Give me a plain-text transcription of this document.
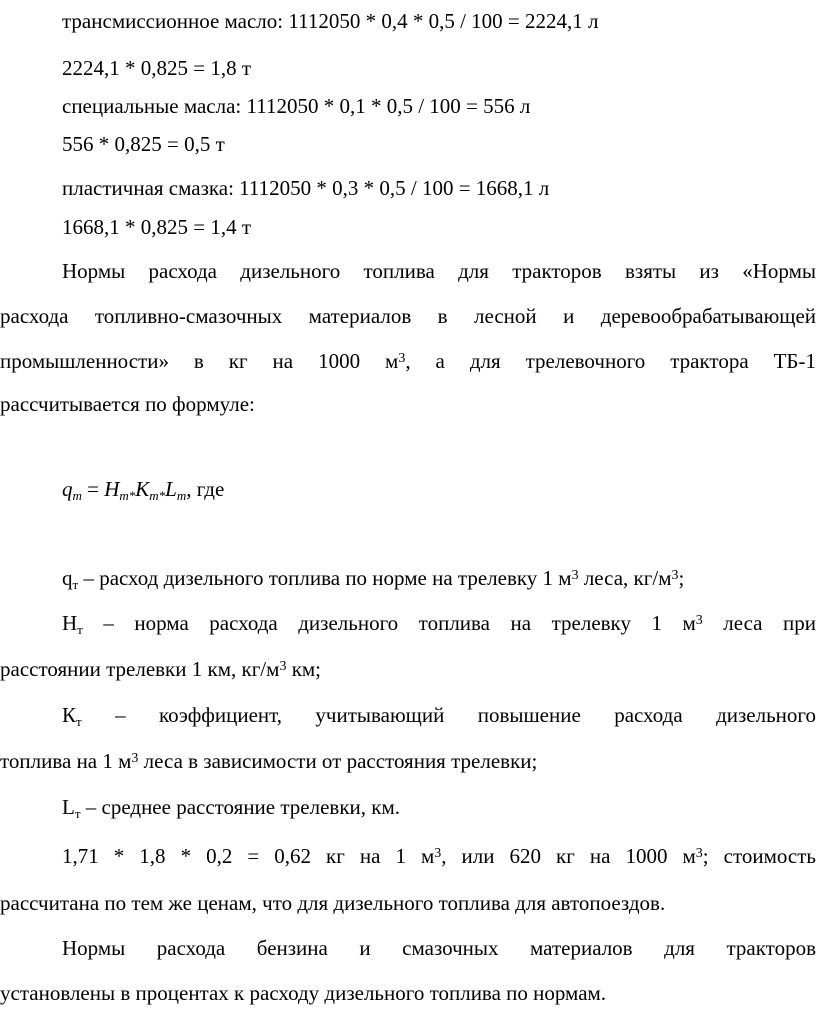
трансмиссионное масло: 1112050 * 0,4 * 0,5 / 100 = 2224,1 л
2224,1 * 0,825 = 1,8 т
специальные масла: 1112050 * 0,1 * 0,5 / 100 = 556 л
556 * 0,825 = 0,5 т
пластичная смазка: 1112050 * 0,3 * 0,5 / 100 = 1668,1 л
1668,1 * 0,825 = 1,4 т
Нормы расхода дизельного топлива для тракторов взяты из «Нормы
расхода топливно-смазочных материалов в лесной и деревообрабатывающей
промышленности» в кг на 1000 $м^3$, а для трелевочного трактора ТБ-1
рассчитывается по формуле:
$q_т = Н_{т*}К_{т*}L_т$, где
$q_т$ – расход дизельного топлива по норме на трелевку 1 $м^3$ леса, $кг/м^3$;
$Н_т$ – норма расхода дизельного топлива на трелевку 1 $м^3$ леса при
расстоянии трелевки 1 км, $кг/м^3$ км;
$К_т$ – коэффициент, учитывающий повышение расхода дизельного
топлива на 1 $м^3$ леса в зависимости от расстояния трелевки;
$L_т$ – среднее расстояние трелевки, км.
1,71 * 1,8 * 0,2 = 0,62 кг на 1 $м^3$, или 620 кг на 1000 $м^3$; стоимость
рассчитана по тем же ценам, что для дизельного топлива для автопоездов.
Нормы расхода бензина и смазочных материалов для тракторов
установлены в процентах к расходу дизельного топлива по нормам.
